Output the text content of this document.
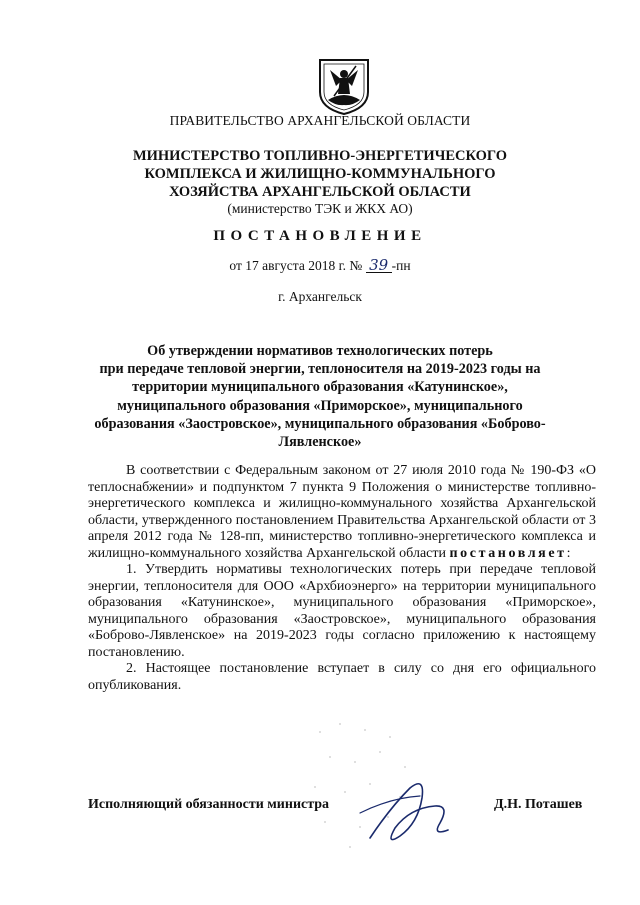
ПРАВИТЕЛЬСТВО АРХАНГЕЛЬСКОЙ ОБЛАСТИ
МИНИСТЕРСТВО ТОПЛИВНО-ЭНЕРГЕТИЧЕСКОГО
КОМПЛЕКСА И ЖИЛИЩНО-КОММУНАЛЬНОГО
ХОЗЯЙСТВА АРХАНГЕЛЬСКОЙ ОБЛАСТИ
(министерство ТЭК и ЖКХ АО)
ПОСТАНОВЛЕНИЕ
от 17 августа 2018 г. № 39 -пн
г. Архангельск
Об утверждении нормативов технологических потерь
при передаче тепловой энергии, теплоносителя на 2019-2023 годы на
территории муниципального образования «Катунинское»,
муниципального образования «Приморское», муниципального
образования «Заостровское», муниципального образования «Боброво-
Лявленское»

В соответствии с Федеральным законом от 27 июля 2010 года № 190-ФЗ «О теплоснабжении» и подпунктом 7 пункта 9 Положения о министерстве топливно-энергетического комплекса и жилищно-коммунального хозяйства Архангельской области, утвержденного постановлением Правительства Архангельской области от 3 апреля 2012 года № 128-пп, министерство топливно-энергетического комплекса и жилищно-коммунального хозяйства Архангельской области постановляет:

1. Утвердить нормативы технологических потерь при передаче тепловой энергии, теплоносителя для ООО «Архбиоэнерго» на территории муниципального образования «Катунинское», муниципального образования «Приморское», муниципального образования «Заостровское», муниципального образования «Боброво-Лявленское» на 2019-2023 годы согласно приложению к настоящему постановлению.

2. Настоящее постановление вступает в силу со дня его официального опубликования.

Исполняющий обязанности министра	Д.Н. Поташев
